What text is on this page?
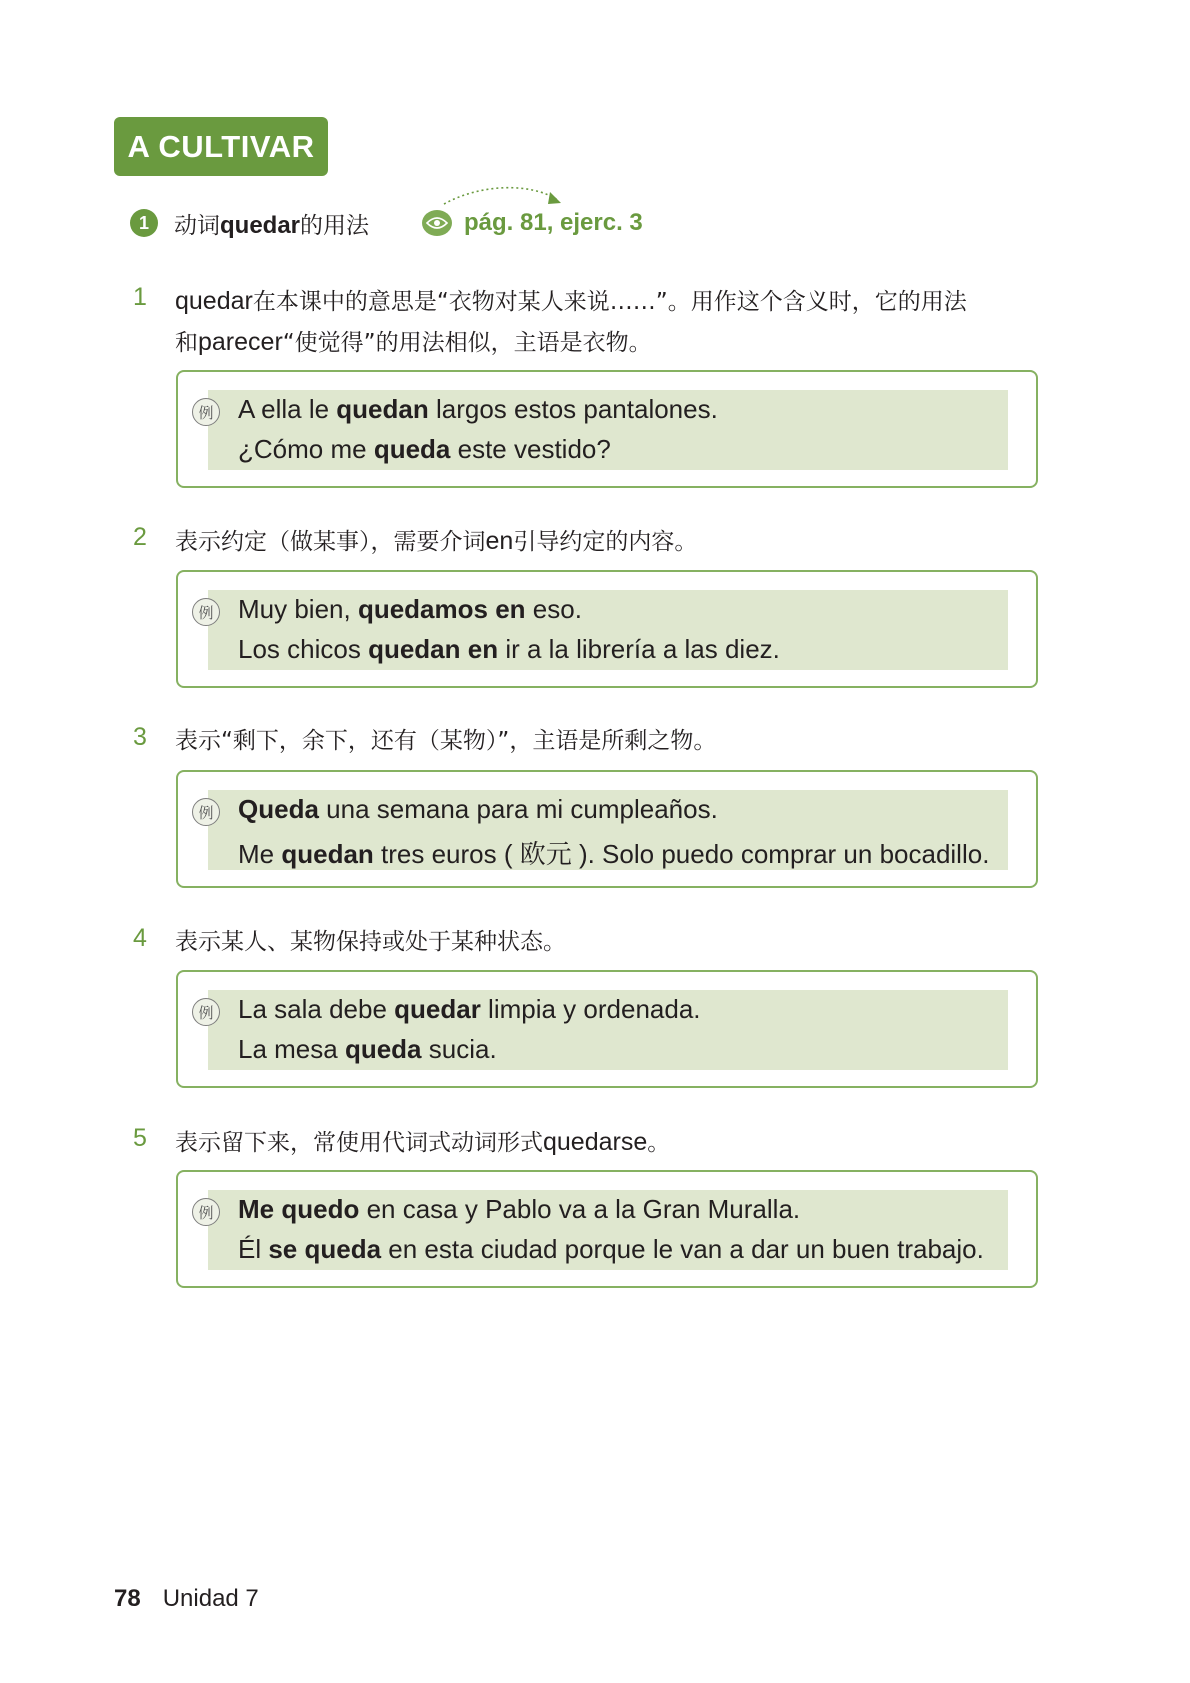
A CULTIVAR
1	动词quedar的用法	pág. 81, ejerc. 3
1 quedar在本课中的意思是“衣物对某人来说……”。用作这个含义时，它的用法
和parecer“使觉得”的用法相似，主语是衣物。
例 A ella le quedan largos estos pantalones.
¿Cómo me queda este vestido?
2 表示约定（做某事），需要介词en引导约定的内容。
例 Muy bien, quedamos en eso.
Los chicos quedan en ir a la librería a las diez.
3 表示“剩下，余下，还有（某物）”，主语是所剩之物。
例 Queda una semana para mi cumpleaños.
Me quedan tres euros ( 欧元 ). Solo puedo comprar un bocadillo.
4 表示某人、某物保持或处于某种状态。
例 La sala debe quedar limpia y ordenada.
La mesa queda sucia.
5 表示留下来，常使用代词式动词形式quedarse。
例 Me quedo en casa y Pablo va a la Gran Muralla.
Él se queda en esta ciudad porque le van a dar un buen trabajo.
78 Unidad 7
